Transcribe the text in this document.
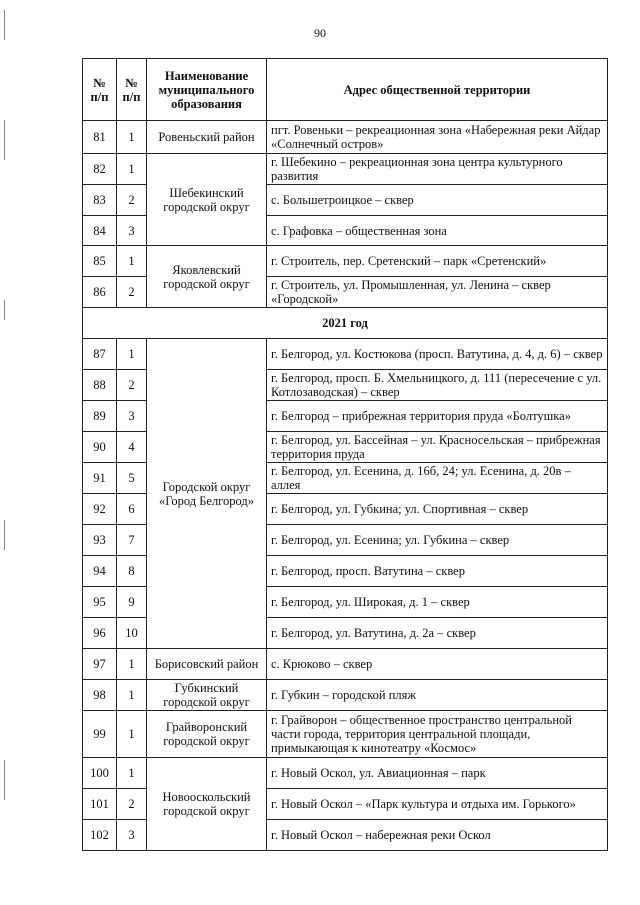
90
№ п/п	№ п/п	Наименование муниципального образования	Адрес общественной территории
81	1	Ровеньский район	пгт. Ровеньки – рекреационная зона «Набережная реки Айдар «Солнечный остров»
82	1	Шебекинский городской округ	г. Шебекино – рекреационная зона центра культурного развития
83	2		с. Большетроицкое – сквер
84	3		с. Графовка – общественная зона
85	1	Яковлевский городской округ	г. Строитель, пер. Сретенский – парк «Сретенский»
86	2		г. Строитель, ул. Промышленная, ул. Ленина – сквер «Городской»
2021 год			
87	1	Городской округ «Город Белгород»	г. Белгород, ул. Костюкова (просп. Ватутина, д. 4, д. 6) – сквер
88	2		г. Белгород, просп. Б. Хмельницкого, д. 111 (пересечение с ул. Котлозаводская) – сквер
89	3		г. Белгород – прибрежная территория пруда «Болтушка»
90	4		г. Белгород, ул. Бассейная – ул. Красносельская – прибрежная территория пруда
91	5		г. Белгород, ул. Есенина, д. 16б, 24; ул. Есенина, д. 20в – аллея
92	6		г. Белгород, ул. Губкина; ул. Спортивная – сквер
93	7		г. Белгород, ул. Есенина; ул. Губкина – сквер
94	8		г. Белгород, просп. Ватутина – сквер
95	9		г. Белгород, ул. Широкая, д. 1 – сквер
96	10		г. Белгород, ул. Ватутина, д. 2а – сквер
97	1	Борисовский район	с. Крюково – сквер
98	1	Губкинский городской округ	г. Губкин – городской пляж
99	1	Грайворонский городской округ	г. Грайворон – общественное пространство центральной части города, территория центральной площади, примыкающая к кинотеатру «Космос»
100	1	Новооскольский городской округ	г. Новый Оскол, ул. Авиационная – парк
101	2		г. Новый Оскол – «Парк культура и отдыха им. Горького»
102	3		г. Новый Оскол – набережная реки Оскол
